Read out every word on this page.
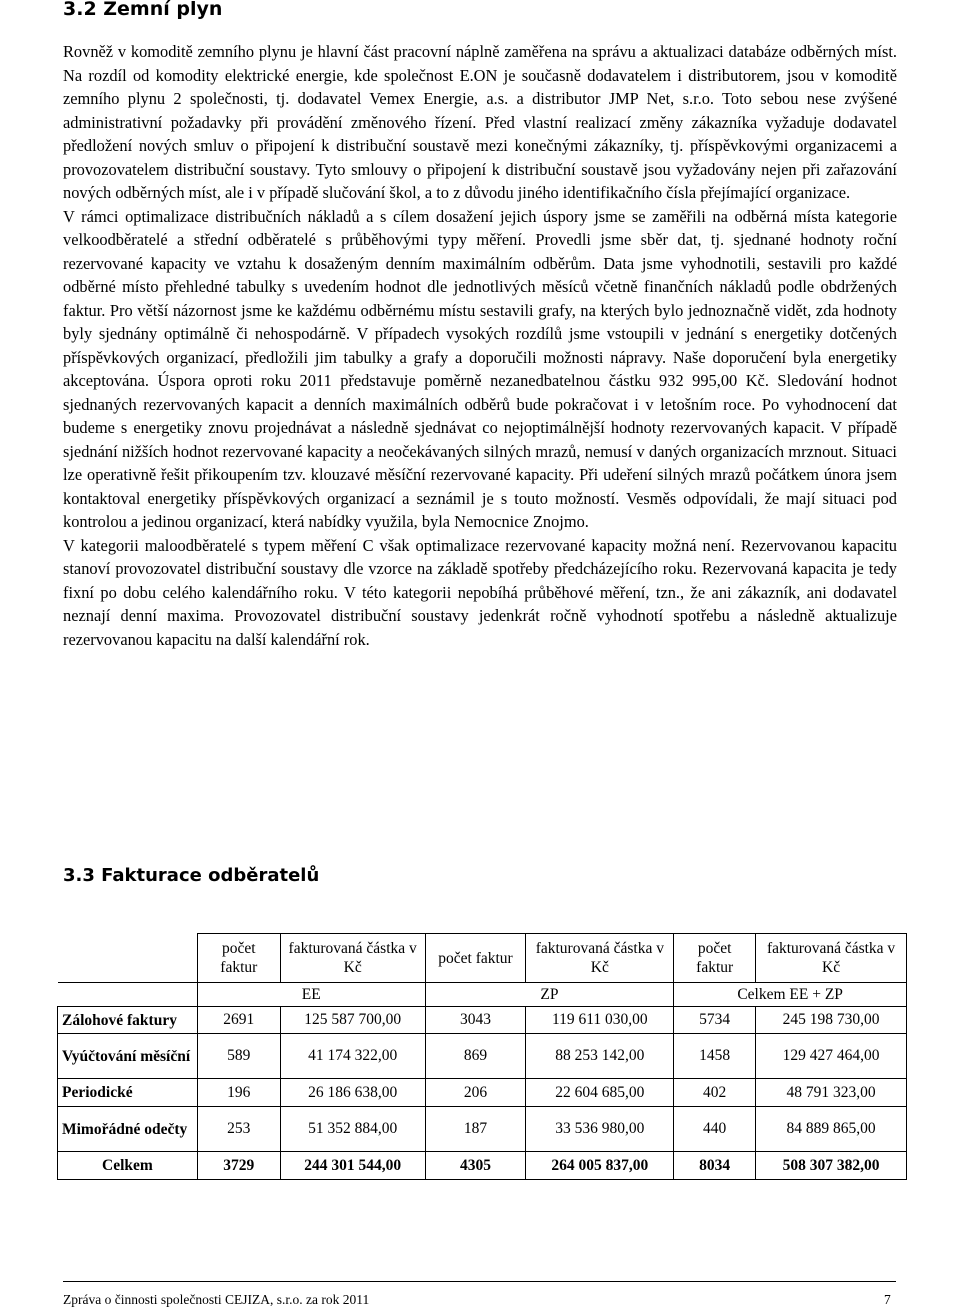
3.2 Zemní plyn

Rovněž v komoditě zemního plynu je hlavní část pracovní náplně zaměřena na správu a aktualizaci databáze odběrných míst. Na rozdíl od komodity elektrické energie, kde společnost E.ON je současně dodavatelem i distributorem, jsou v komoditě zemního plynu 2 společnosti, tj. dodavatel Vemex Energie, a.s. a distributor JMP Net, s.r.o. Toto sebou nese zvýšené administrativní požadavky při provádění změnového řízení. Před vlastní realizací změny zákazníka vyžaduje dodavatel předložení nových smluv o připojení k distribuční soustavě mezi konečnými zákazníky, tj. příspěvkovými organizacemi a provozovatelem distribuční soustavy. Tyto smlouvy o připojení k distribuční soustavě jsou vyžadovány nejen při zařazování nových odběrných míst, ale i v případě slučování škol, a to z důvodu jiného identifikačního čísla přejímající organizace.

V rámci optimalizace distribučních nákladů a s cílem dosažení jejich úspory jsme se zaměřili na odběrná místa kategorie velkoodběratelé a střední odběratelé s průběhovými typy měření. Provedli jsme sběr dat, tj. sjednané hodnoty roční rezervované kapacity ve vztahu k dosaženým denním maximálním odběrům. Data jsme vyhodnotili, sestavili pro každé odběrné místo přehledné tabulky s uvedením hodnot dle jednotlivých měsíců včetně finančních nákladů podle obdržených faktur. Pro větší názornost jsme ke každému odběrnému místu sestavili grafy, na kterých bylo jednoznačně vidět, zda hodnoty byly sjednány optimálně či nehospodárně. V případech vysokých rozdílů jsme vstoupili v jednání s energetiky dotčených příspěvkových organizací, předložili jim tabulky a grafy a doporučili možnosti nápravy. Naše doporučení byla energetiky akceptována. Úspora oproti roku 2011 představuje poměrně nezanedbatelnou částku 932 995,00 Kč. Sledování hodnot sjednaných rezervovaných kapacit a denních maximálních odběrů bude pokračovat i v letošním roce. Po vyhodnocení dat budeme s energetiky znovu projednávat a následně sjednávat co nejoptimálnější hodnoty rezervovaných kapacit. V případě sjednání nižších hodnot rezervované kapacity a neočekávaných silných mrazů, nemusí v daných organizacích mrznout. Situaci lze operativně řešit přikoupením tzv. klouzavé měsíční rezervované kapacity. Při udeření silných mrazů počátkem února jsem kontaktoval energetiky příspěvkových organizací a seznámil je s touto možností. Vesměs odpovídali, že mají situaci pod kontrolou a jedinou organizací, která nabídky využila, byla Nemocnice Znojmo.

V kategorii maloodběratelé s typem měření C však optimalizace rezervované kapacity možná není. Rezervovanou kapacitu stanoví provozovatel distribuční soustavy dle vzorce na základě spotřeby předcházejícího roku. Rezervovaná kapacita je tedy fixní po dobu celého kalendářního roku. V této kategorii nepobíhá průběhové měření, tzn., že ani zákazník, ani dodavatel neznají denní maxima. Provozovatel distribuční soustavy jedenkrát ročně vyhodnotí spotřebu a následně aktualizuje rezervovanou kapacitu na další kalendářní rok.

3.3 Fakturace odběratelů
	počet faktur	fakturovaná částka v Kč	počet faktur	fakturovaná částka v Kč	počet faktur	fakturovaná částka v Kč
	EE		ZP		Celkem EE + ZP	
Zálohové faktury	2691	125 587 700,00	3043	119 611 030,00	5734	245 198 730,00
Vyúčtování měsíční	589	41 174 322,00	869	88 253 142,00	1458	129 427 464,00
Periodické	196	26 186 638,00	206	22 604 685,00	402	48 791 323,00
Mimořádné odečty	253	51 352 884,00	187	33 536 980,00	440	84 889 865,00
Celkem	3729	244 301 544,00	4305	264 005 837,00	8034	508 307 382,00
Zpráva o činnosti společnosti CEJIZA, s.r.o. za rok 2011	7
